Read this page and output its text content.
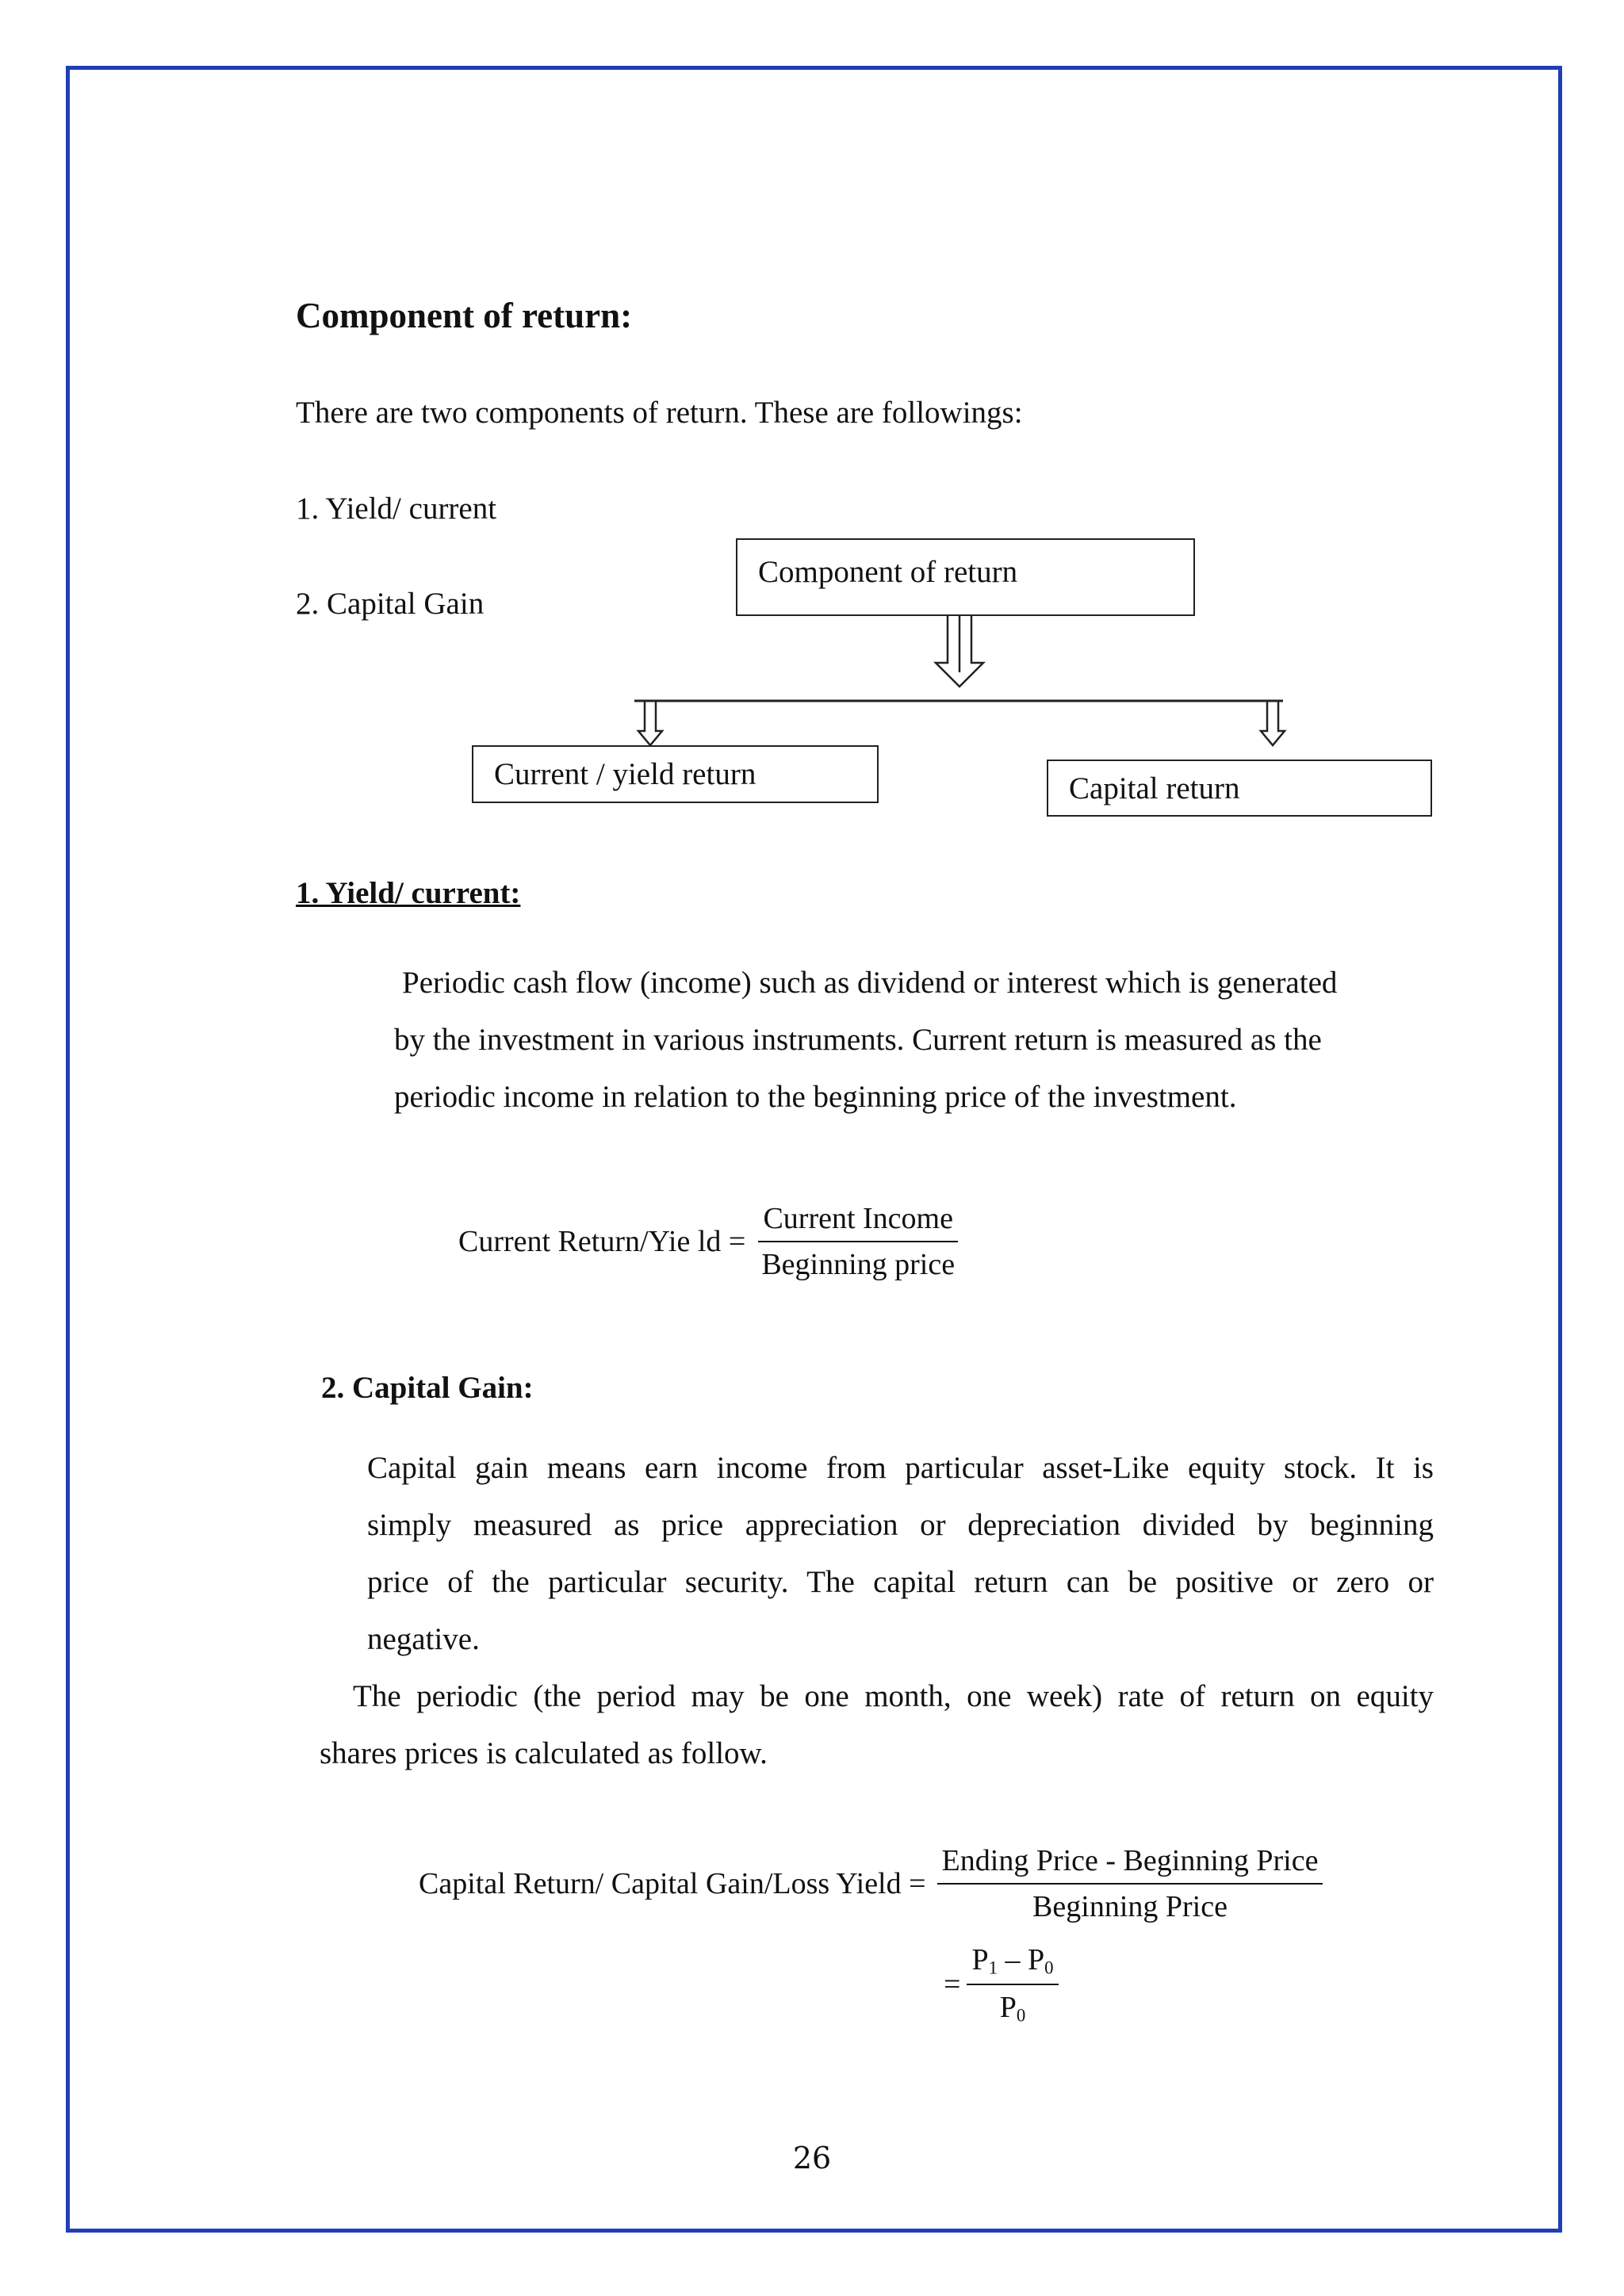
Component of return:
There are two components of return. These are followings:
1. Yield/ current
2. Capital Gain
Component of return
Current / yield return	Capital return
1. Yield/ current:
Periodic cash flow (income) such as dividend or interest which is generated
by the investment in various instruments. Current return is measured as the
periodic income in relation to the beginning price of the investment.
Current Return/Yie ld = $\frac{\text{Current Income}}{\text{Beginning price}}$
2. Capital Gain:
Capital gain means earn income from particular asset-Like equity stock. It is
simply measured as price appreciation or depreciation divided by beginning
price of the particular security. The capital return can be positive or zero or
negative.
The periodic (the period may be one month, one week) rate of return on equity
shares prices is calculated as follow.
Capital Return/ Capital Gain/Loss Yield = $\frac{\text{Ending Price - Beginning Price}}{\text{Beginning Price}}$
= $\frac{P_1 - P_0}{P_0}$
26
